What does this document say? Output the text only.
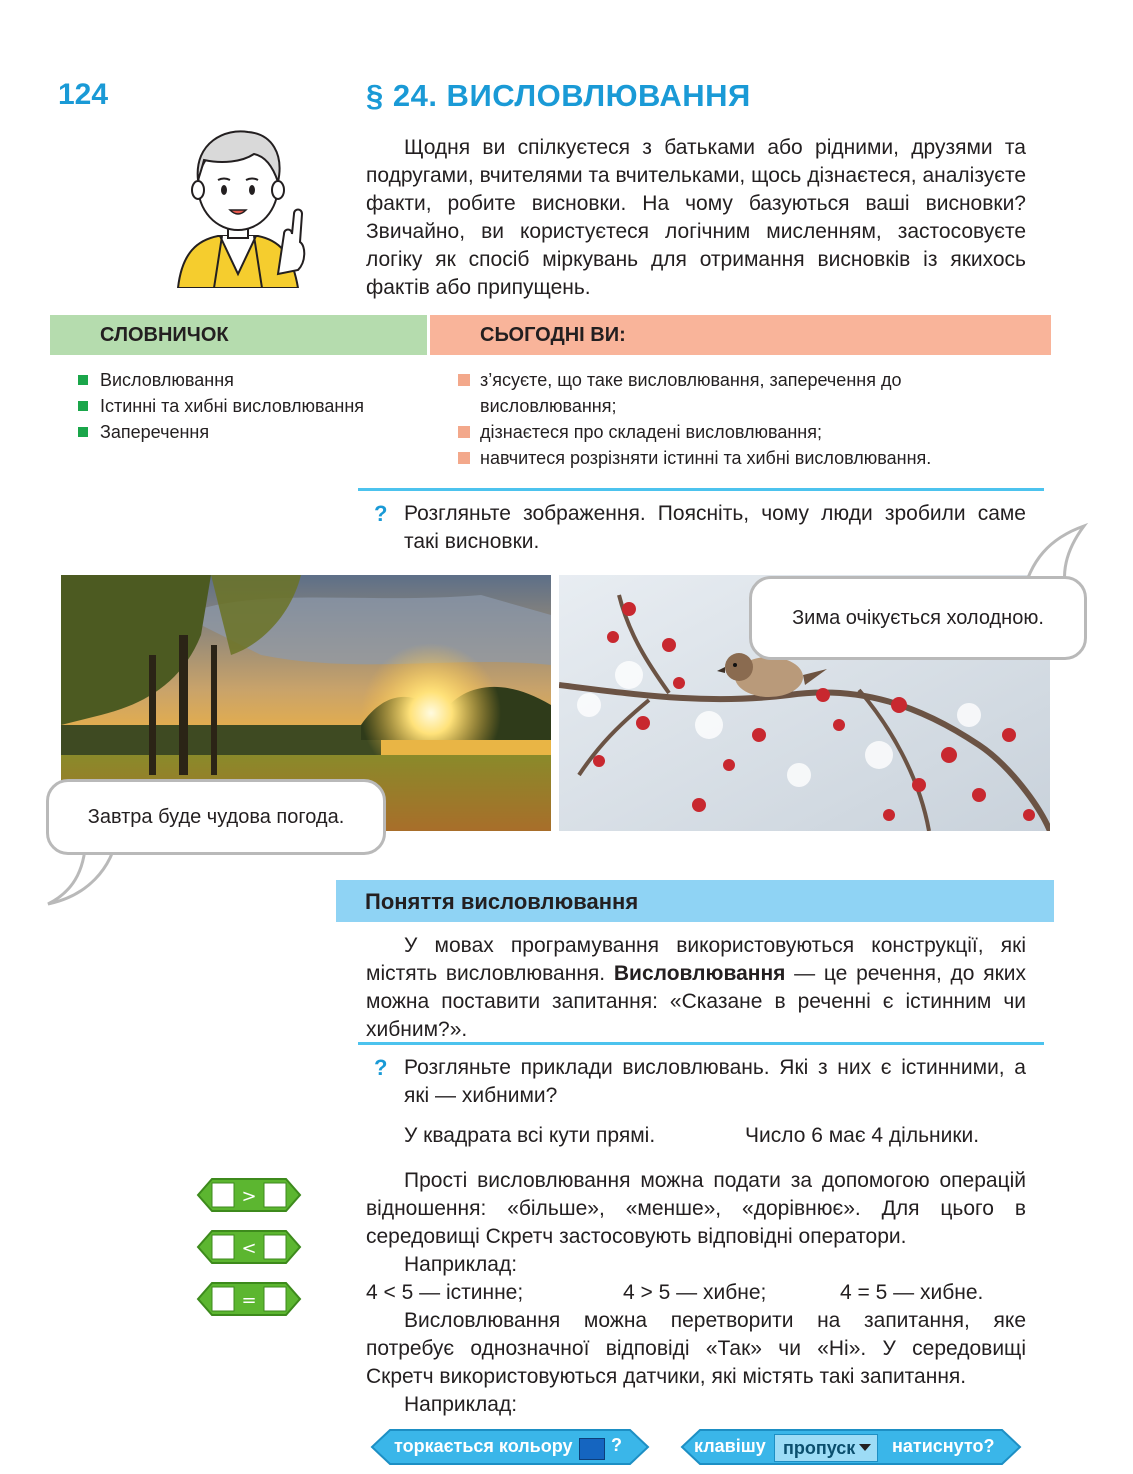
124	§ 24. ВИСЛОВЛЮВАННЯ
Щодня ви спілкуєтеся з батьками або рідними, друзями та подругами, вчителями та вчительками, щось дізнаєтеся, аналізуєте факти, робите висновки. На чому базуються ваші висновки? Звичайно, ви користуєтеся логічним мисленням, застосовуєте логіку як спосіб міркувань для отримання висновків із якихось фактів або припущень.
СЛОВНИЧОК	СЬОГОДНІ ВИ:
Висловлювання
Істинні та хибні висловлювання
Заперечення
з’ясуєте, що таке висловлювання, заперечення до висловлювання;
дізнаєтеся про складені висловлювання;
навчитеся розрізняти істинні та хибні висловлювання.
? Розгляньте зображення. Поясніть, чому люди зробили саме такі висновки.
Зима очікується холодною.
Завтра буде чудова погода.
Поняття висловлювання
У мовах програмування використовуються конструкції, які містять висловлювання. Висловлювання — це речення, до яких можна поставити запитання: «Сказане в реченні є істинним чи хибним?».
? Розгляньте приклади висловлювань. Які з них є істинними, а які — хибними?
У квадрата всі кути прямі.	Число 6 має 4 дільники.
>
<
=
Прості висловлювання можна подати за допомогою операцій відношення: «більше», «менше», «дорівнює». Для цього в середовищі Скретч застосовують відповідні оператори.
Наприклад:
4 < 5 — істинне;	4 > 5 — хибне;	4 = 5 — хибне.
Висловлювання можна перетворити на запитання, яке потребує однозначної відповіді «Так» чи «Ні». У середовищі Скретч використовуються датчики, які містять такі запитання.
Наприклад:
торкається кольору ?	клавішу пропуск натиснуто?
